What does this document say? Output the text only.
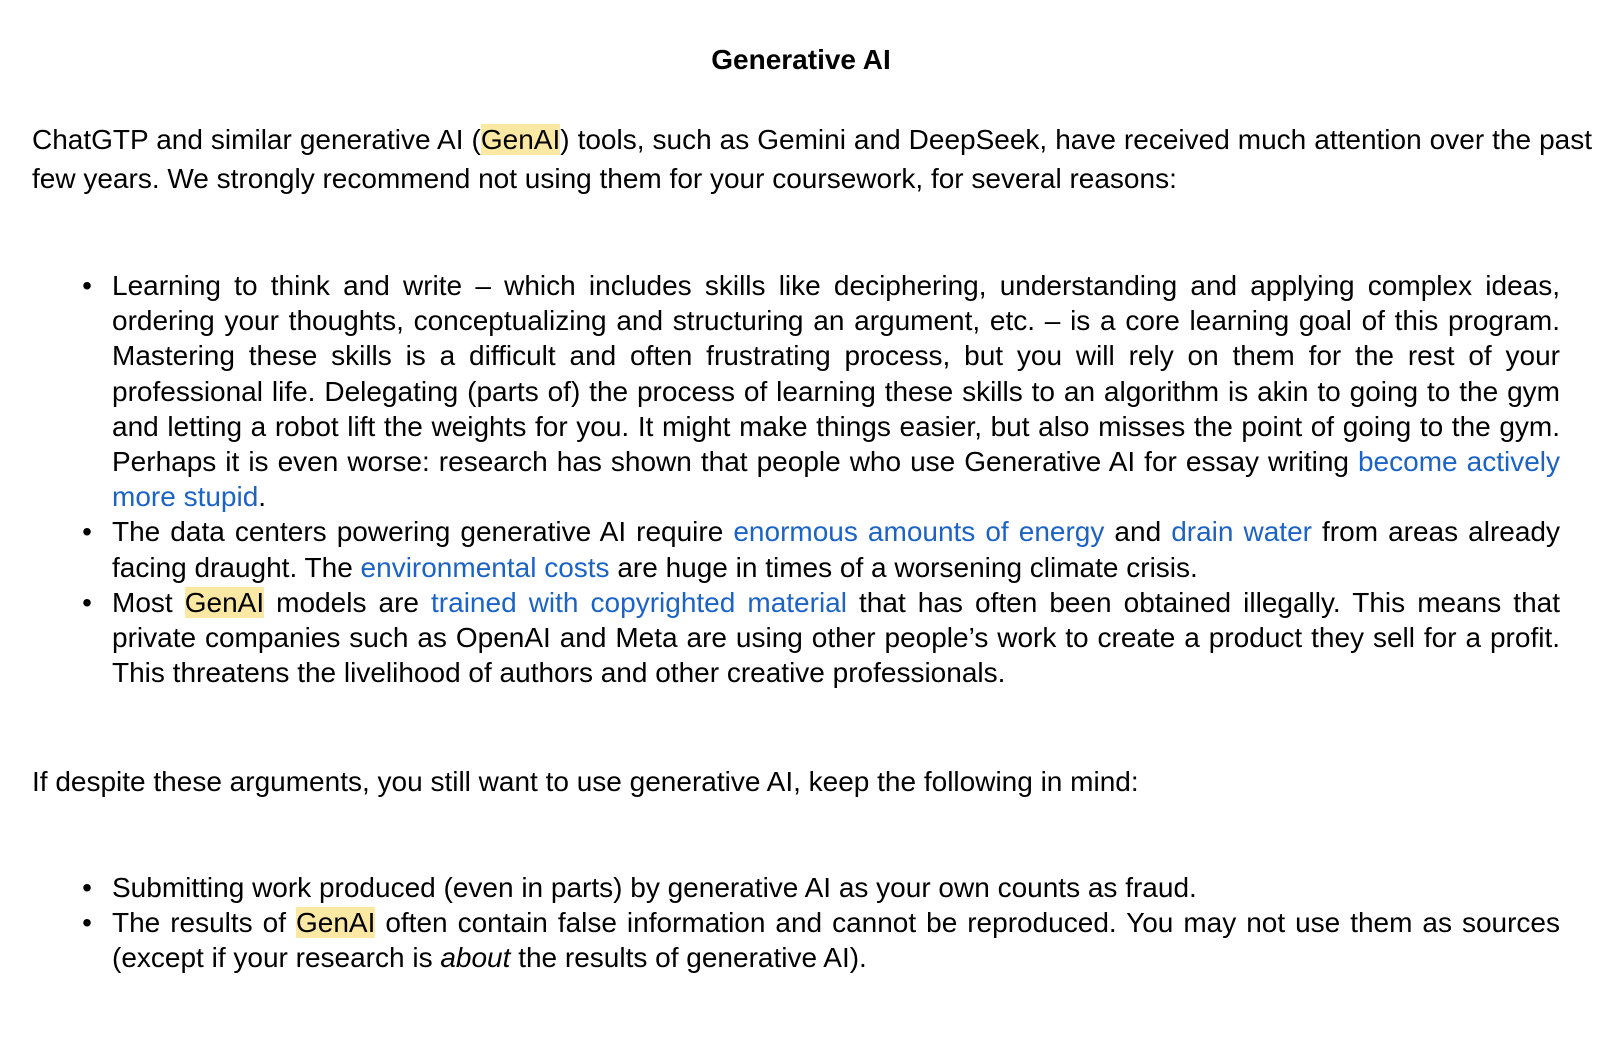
Generative AI

ChatGTP and similar generative AI (GenAI) tools, such as Gemini and DeepSeek, have received much attention over the past few years. We strongly recommend not using them for your coursework, for several reasons:

• Learning to think and write – which includes skills like deciphering, understanding and applying complex ideas, ordering your thoughts, conceptualizing and structuring an argument, etc. – is a core learning goal of this program. Mastering these skills is a difficult and often frustrating process, but you will rely on them for the rest of your professional life. Delegating (parts of) the process of learning these skills to an algorithm is akin to going to the gym and letting a robot lift the weights for you. It might make things easier, but also misses the point of going to the gym. Perhaps it is even worse: research has shown that people who use Generative AI for essay writing become actively more stupid.
• The data centers powering generative AI require enormous amounts of energy and drain water from areas already facing draught. The environmental costs are huge in times of a worsening climate crisis.
• Most GenAI models are trained with copyrighted material that has often been obtained illegally. This means that private companies such as OpenAI and Meta are using other people’s work to create a product they sell for a profit. This threatens the livelihood of authors and other creative professionals.

If despite these arguments, you still want to use generative AI, keep the following in mind:

• Submitting work produced (even in parts) by generative AI as your own counts as fraud.
• The results of GenAI often contain false information and cannot be reproduced. You may not use them as sources (except if your research is about the results of generative AI).
